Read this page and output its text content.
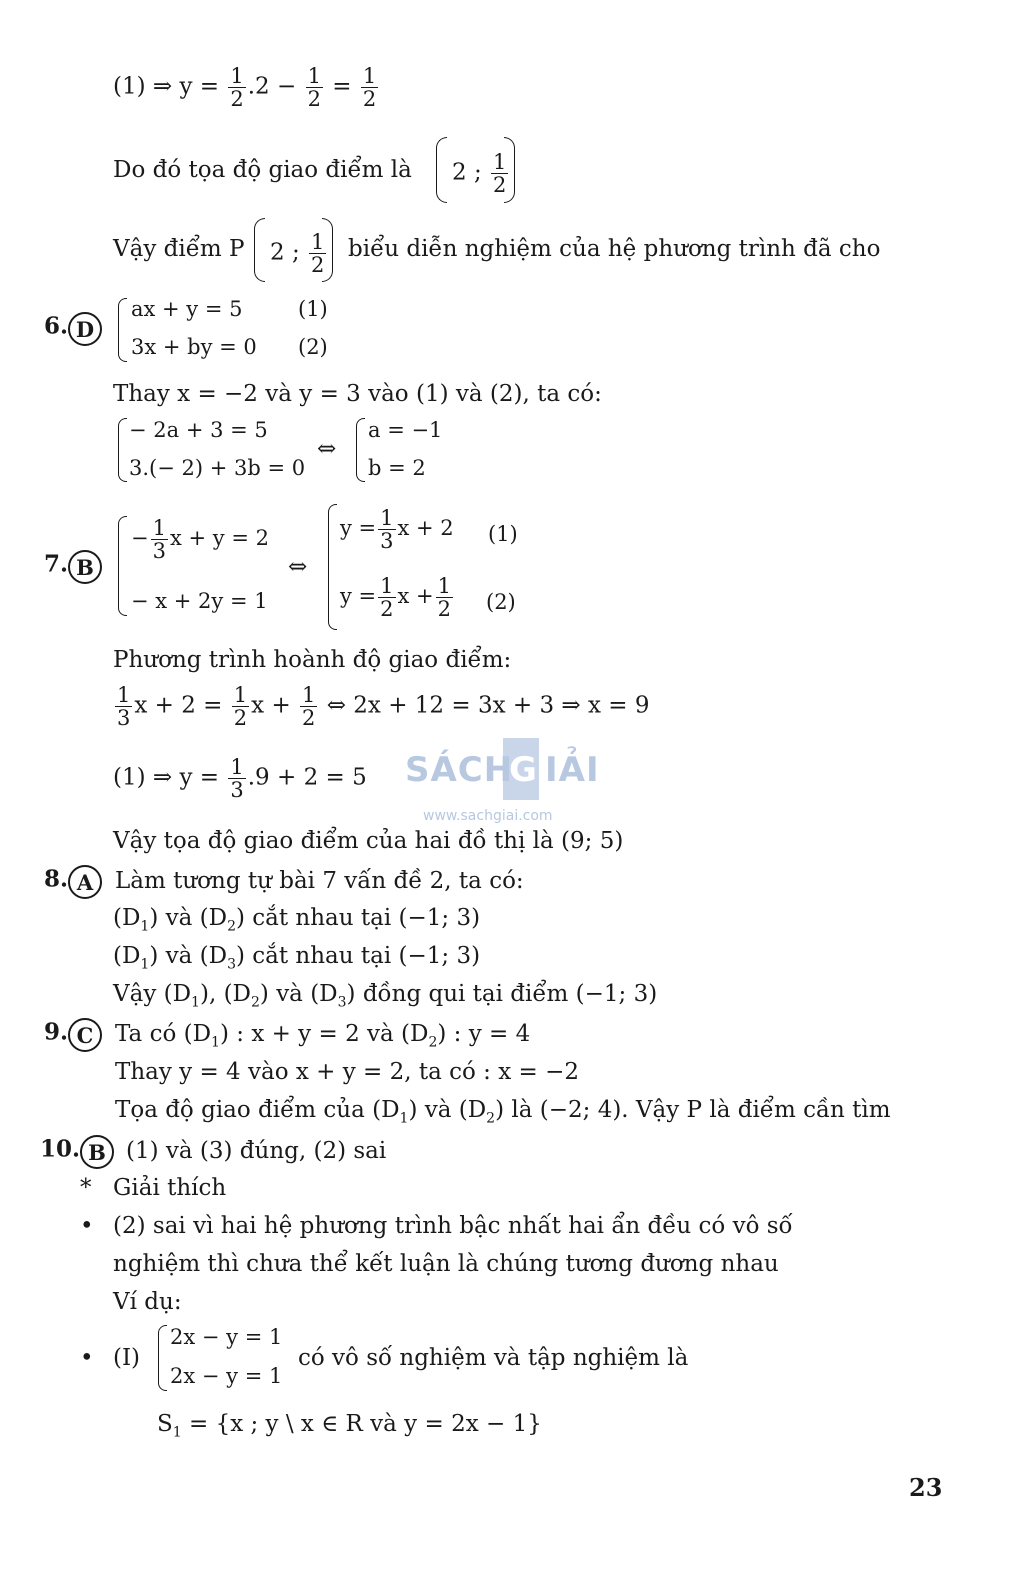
(1) ⇒ $y = \frac{1}{2} .2 - \frac{1}{2} = \frac{1}{2}$
Do đó tọa độ giao điểm là 2 ; $\frac{1}{2}$
Vậy điểm P 2 ; $\frac{1}{2}$ biểu diễn nghiệm của hệ phương trình đã cho
6. D
ax + y = 5	(1)
3x + by = 0 (2)
Thay x = −2 và y = 3 vào (1) và (2), ta có:
− 2a + 3 = 5
3.(− 2) + 3b = 0
⇔
a = −1
b = 2
7. B
− $\frac{1}{3}$ x + y = 2
− x + 2y = 1
⇔
$y = \frac{1}{3}$ x + 2 (1)
$y = \frac{1}{2}$ $x + \frac{1}{2} (2)$
Phương trình hoành độ giao điểm:
$\frac{1}{3}$ $x + 2 = \frac{1}{2}$ $x + \frac{1}{2}$ ⇔ 2x + 12 = 3x + 3 ⇒ x = 9
(1) ⇒ $y = \frac{1}{3} .9 + 2 = 5$ SÁCH
G IẢI
www.sachgiai.com
Vậy tọa độ giao điểm của hai đồ thị là (9; 5)
8. A Làm tương tự bài 7 vấn đề 2, ta có:
$(D_1)$ và $(D_2)$ cắt nhau tại (−1; 3)
$(D_1)$ và $(D_3)$ cắt nhau tại (−1; 3)
Vậy $(D_1)$, $(D_2)$ và $(D_3)$ đồng qui tại điểm (−1; 3)
9. C Ta có $(D_1)$ : x + y = 2 và $(D_2)$ : y = 4
Thay y = 4 vào x + y = 2, ta có : x = −2
Tọa độ giao điểm của $(D_1)$ và $(D_2)$ là (−2; 4). Vậy P là điểm cần tìm
10. B (1) và (3) đúng, (2) sai
* Giải thích
• (2) sai vì hai hệ phương trình bậc nhất hai ẩn đều có vô số
nghiệm thì chưa thể kết luận là chúng tương đương nhau
Ví dụ:
• (I)
2x − y = 1
2x − y = 1
có vô số nghiệm và tập nghiệm là
$S_1 = \{x$ ; y \ x ∈ R và y = 2x − 1}
23
